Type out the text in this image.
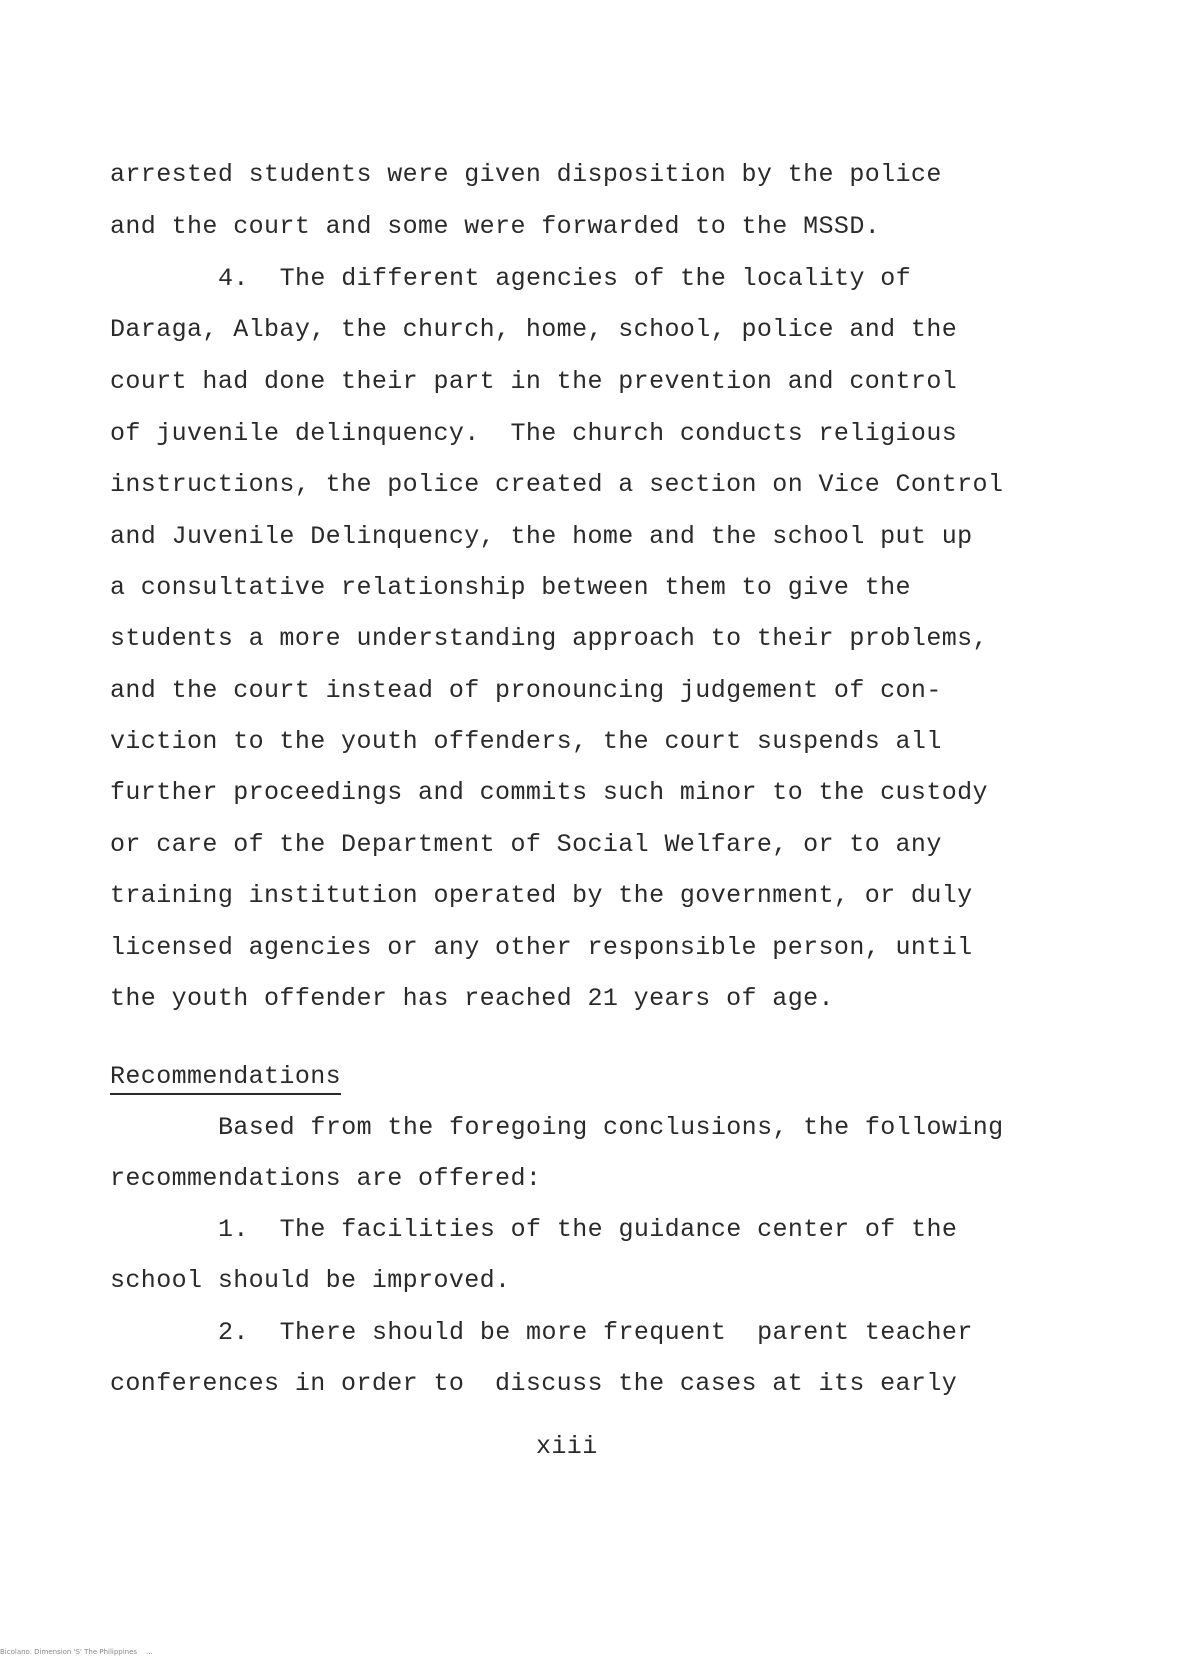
arrested students were given disposition by the police
and the court and some were forwarded to the MSSD.
4.  The different agencies of the locality of
Daraga, Albay, the church, home, school, police and the
court had done their part in the prevention and control
of juvenile delinquency.  The church conducts religious
instructions, the police created a section on Vice Control
and Juvenile Delinquency, the home and the school put up
a consultative relationship between them to give the
students a more understanding approach to their problems,
and the court instead of pronouncing judgement of con-
viction to the youth offenders, the court suspends all
further proceedings and commits such minor to the custody
or care of the Department of Social Welfare, or to any
training institution operated by the government, or duly
licensed agencies or any other responsible person, until
the youth offender has reached 21 years of age.
Recommendations
Based from the foregoing conclusions, the following
recommendations are offered:
1.  The facilities of the guidance center of the
school should be improved.
2.  There should be more frequent  parent teacher
conferences in order to  discuss the cases at its early
xiii
Bicolano. Dimension 'S' The Philippines    ...
